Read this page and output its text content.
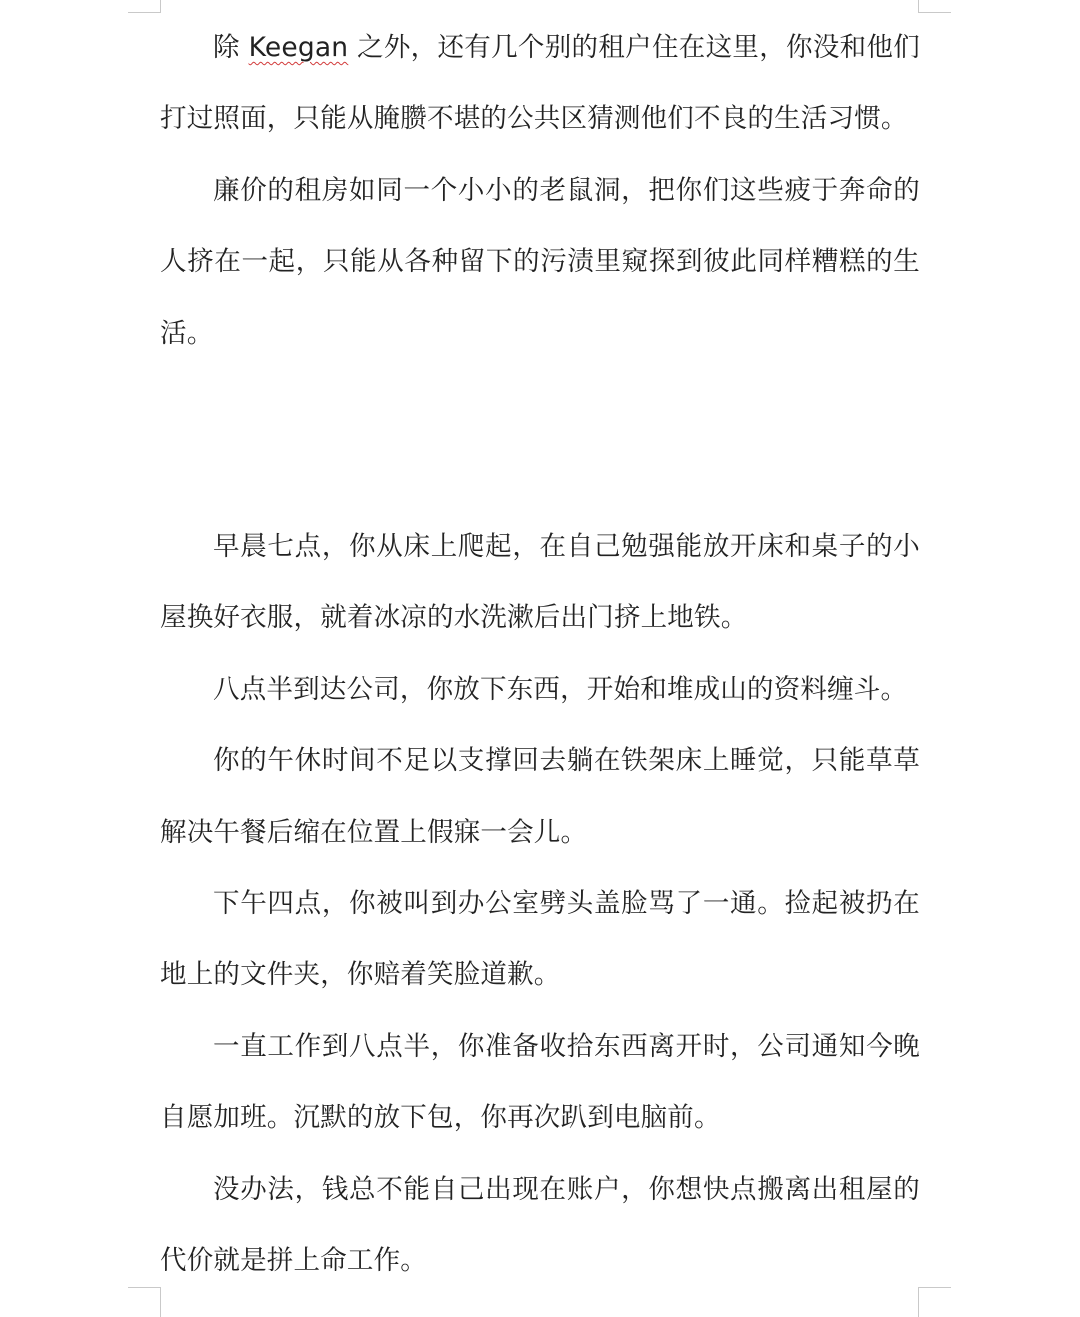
除 Keegan 之外，还有几个别的租户住在这里，你没和他们打过照面，只能从腌臜不堪的公共区猜测他们不良的生活习惯。

廉价的租房如同一个小小的老鼠洞，把你们这些疲于奔命的人挤在一起，只能从各种留下的污渍里窥探到彼此同样糟糕的生活。

早晨七点，你从床上爬起，在自己勉强能放开床和桌子的小屋换好衣服，就着冰凉的水洗漱后出门挤上地铁。

八点半到达公司，你放下东西，开始和堆成山的资料缠斗。

你的午休时间不足以支撑回去躺在铁架床上睡觉，只能草草解决午餐后缩在位置上假寐一会儿。

下午四点，你被叫到办公室劈头盖脸骂了一通。捡起被扔在地上的文件夹，你赔着笑脸道歉。

一直工作到八点半，你准备收拾东西离开时，公司通知今晚自愿加班。沉默的放下包，你再次趴到电脑前。

没办法，钱总不能自己出现在账户，你想快点搬离出租屋的代价就是拼上命工作。
